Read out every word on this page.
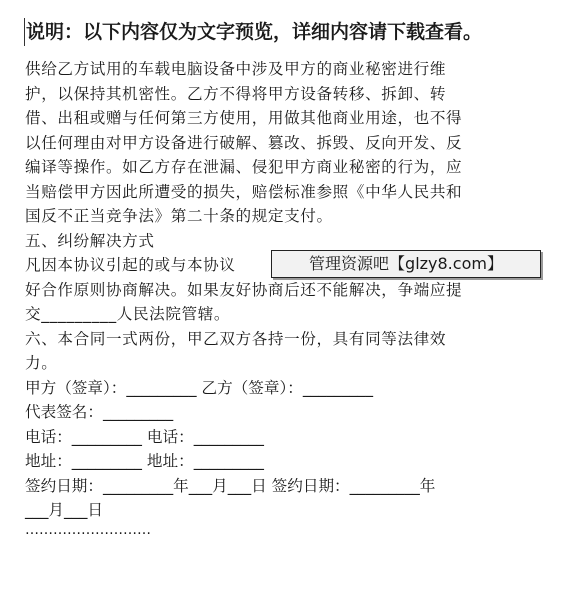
说明：以下内容仅为文字预览，详细内容请下载查看。
供给乙方试用的车载电脑设备中涉及甲方的商业秘密进行维
护，以保持其机密性。乙方不得将甲方设备转移、拆卸、转
借、出租或赠与任何第三方使用，用做其他商业用途，也不得
以任何理由对甲方设备进行破解、篡改、拆毁、反向开发、反
编译等操作。如乙方存在泄漏、侵犯甲方商业秘密的行为，应
当赔偿甲方因此所遭受的损失，赔偿标准参照《中华人民共和
国反不正当竞争法》第二十条的规定支付。
五、纠纷解决方式
凡因本协议引起的或与本协议
好合作原则协商解决。如果友好协商后还不能解决，争端应提
交_________人民法院管辖。
六、本合同一式两份，甲乙双方各持一份，具有同等法律效
力。
甲方（签章）：_________ 乙方（签章）：_________
代表签名：_________
电话：_________ 电话：_________
地址：_________ 地址：_________
签约日期：_________年___月___日 签约日期：_________年
___月___日
………………………
管理资源吧【glzy8.com】
